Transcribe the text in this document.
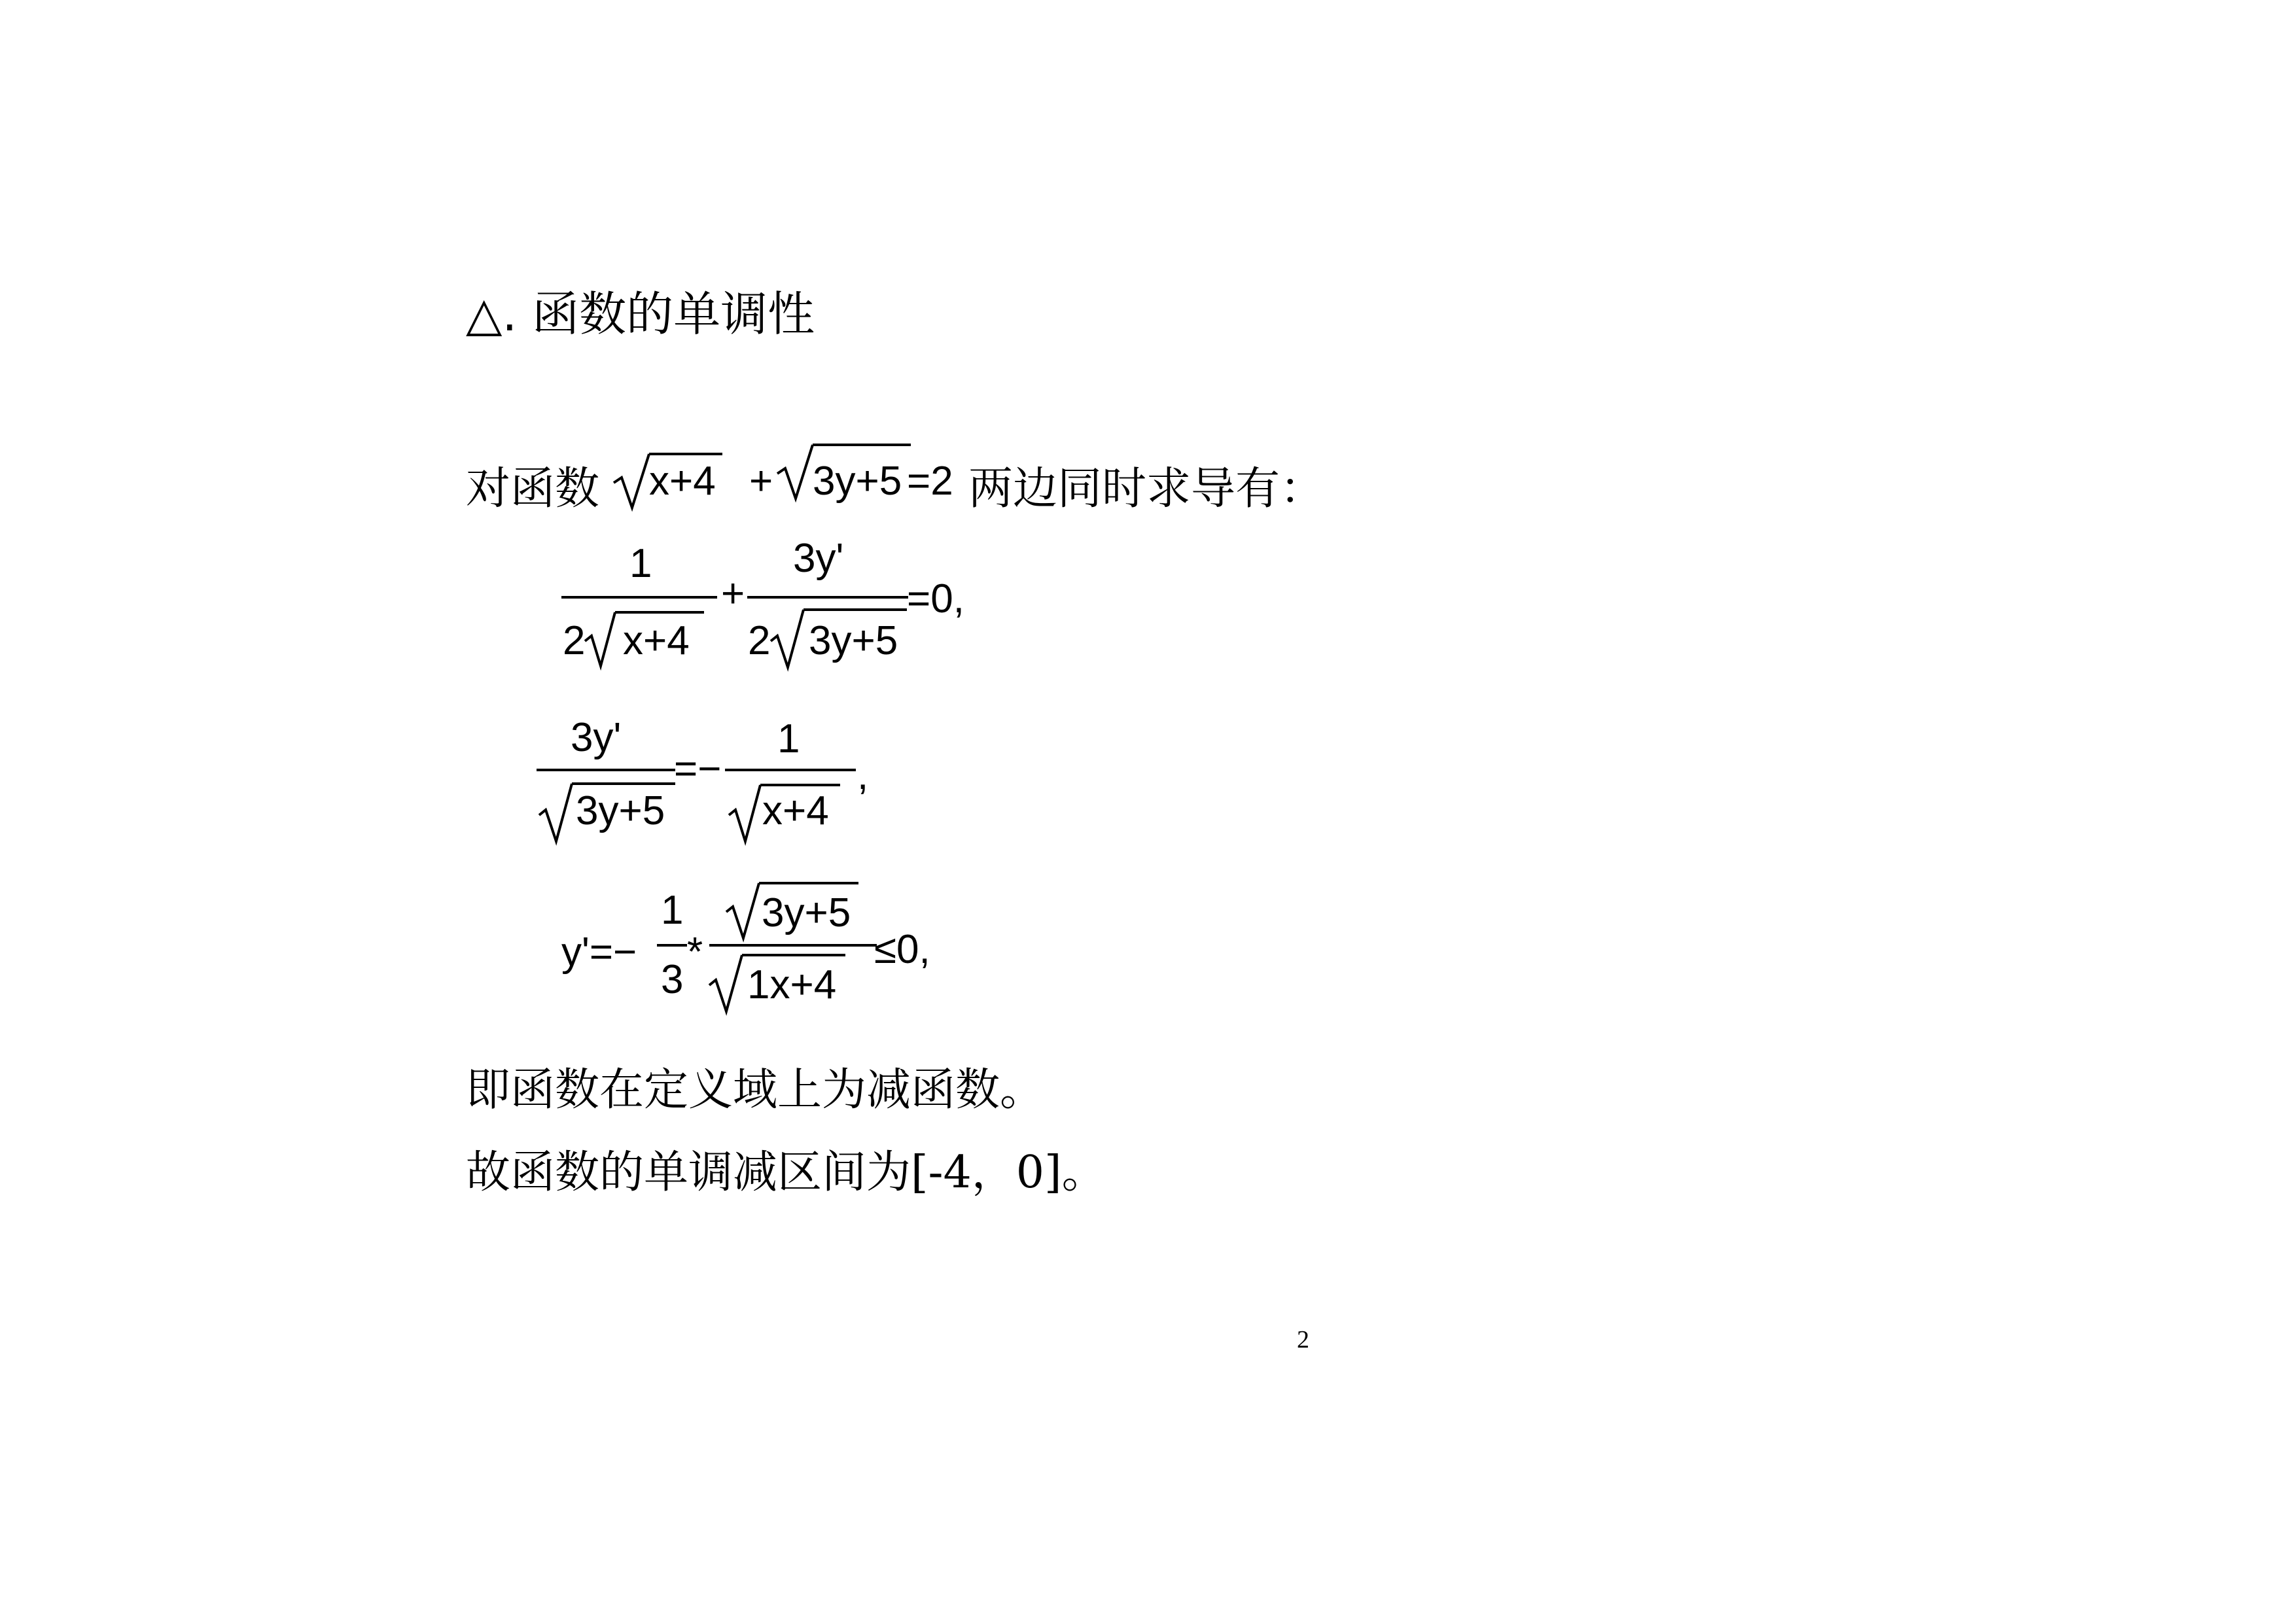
△. 函数的单调性
对函数 x+4 + 3y+5 =2 两边同时求导有：
1
2 x+4
+
3y'
2 3y+5
=0,
3y'
3y+5
=−
1
x+4
,
y'=−
1
3
*
3y+5
1x+4
≤0,
即函数在定义域上为减函数。
故函数的单调减区间为[-4，0]。
2
